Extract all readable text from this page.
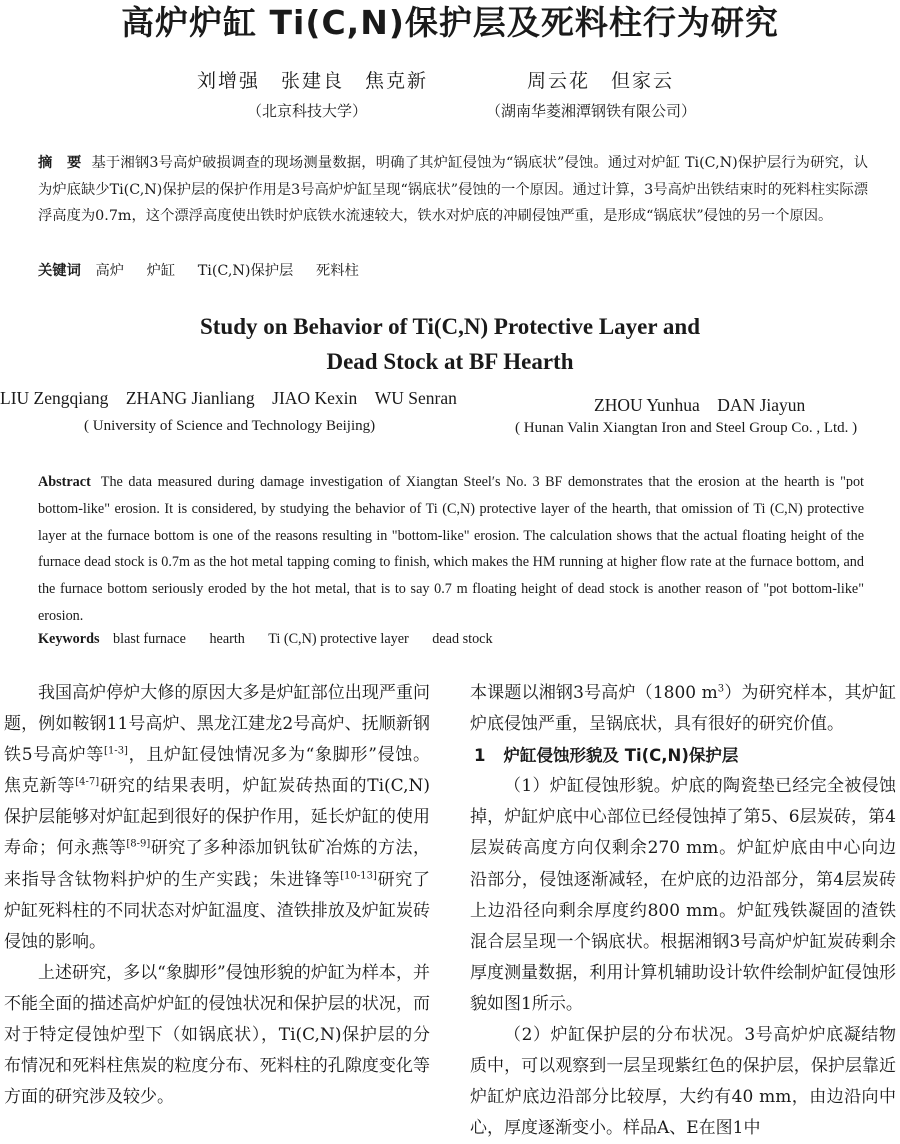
高炉炉缸 Ti(C,N)保护层及死料柱行为研究
刘增强　张建良　焦克新	周云花　但家云
（北京科技大学）	（湖南华菱湘潭钢铁有限公司）
摘　要 基于湘钢3号高炉破损调查的现场测量数据，明确了其炉缸侵蚀为“锅底状”侵蚀。通过对炉缸 Ti(C,N)保护层行为研究，认为炉底缺少Ti(C,N)保护层的保护作用是3号高炉炉缸呈现“锅底状”侵蚀的一个原因。通过计算，3号高炉出铁结束时的死料柱实际漂浮高度为0.7m，这个漂浮高度使出铁时炉底铁水流速较大，铁水对炉底的冲刷侵蚀严重，是形成“锅底状”侵蚀的另一个原因。
关键词 高炉 炉缸 Ti(C,N)保护层 死料柱
Study on Behavior of Ti(C,N) Protective Layer and
Dead Stock at BF Hearth
LIU Zengqiang　ZHANG Jianliang　JIAO Kexin　WU Senran	ZHOU Yunhua　DAN Jiayun
( University of Science and Technology Beijing)	( Hunan Valin Xiangtan Iron and Steel Group Co. , Ltd. )
Abstract The data measured during damage investigation of Xiangtan Steel′s No. 3 BF demonstrates that the erosion at the hearth is "pot bottom-like" erosion. It is considered, by studying the behavior of Ti (C,N) protective layer of the hearth, that omission of Ti (C,N) protective layer at the furnace bottom is one of the reasons resulting in "bottom-like" erosion. The calculation shows that the actual floating height of the furnace dead stock is 0.7m as the hot metal tapping coming to finish, which makes the HM running at higher flow rate at the furnace bottom, and the furnace bottom seriously eroded by the hot metal, that is to say 0.7 m floating height of dead stock is another reason of "pot bottom-like" erosion.
Keywords blast furnace hearth Ti (C,N) protective layer dead stock

我国高炉停炉大修的原因大多是炉缸部位出现严重问题，例如鞍钢11号高炉、黑龙江建龙2号高炉、抚顺新钢铁5号高炉等[1-3]，且炉缸侵蚀情况多为“象脚形”侵蚀。焦克新等[4-7]研究的结果表明，炉缸炭砖热面的Ti(C,N)保护层能够对炉缸起到很好的保护作用，延长炉缸的使用寿命；何永燕等[8-9]研究了多种添加钒钛矿冶炼的方法，来指导含钛物料护炉的生产实践；朱进锋等[10-13]研究了炉缸死料柱的不同状态对炉缸温度、渣铁排放及炉缸炭砖侵蚀的影响。

上述研究，多以“象脚形”侵蚀形貌的炉缸为样本，并不能全面的描述高炉炉缸的侵蚀状况和保护层的状况，而对于特定侵蚀炉型下（如锅底状），Ti(C,N)保护层的分布情况和死料柱焦炭的粒度分布、死料柱的孔隙度变化等方面的研究涉及较少。

本课题以湘钢3号高炉（1800 m$^3$）为研究样本，其炉缸炉底侵蚀严重，呈锅底状，具有很好的研究价值。

1 炉缸侵蚀形貌及 Ti(C,N)保护层

（1）炉缸侵蚀形貌。炉底的陶瓷垫已经完全被侵蚀掉，炉缸炉底中心部位已经侵蚀掉了第5、6层炭砖，第4层炭砖高度方向仅剩余270 mm。炉缸炉底由中心向边沿部分，侵蚀逐渐减轻，在炉底的边沿部分，第4层炭砖上边沿径向剩余厚度约800 mm。炉缸残铁凝固的渣铁混合层呈现一个锅底状。根据湘钢3号高炉炉缸炭砖剩余厚度测量数据，利用计算机辅助设计软件绘制炉缸侵蚀形貌如图1所示。

（2）炉缸保护层的分布状况。3号高炉炉底凝结物质中，可以观察到一层呈现紫红色的保护层，保护层靠近炉缸炉底边沿部分比较厚，大约有40 mm，由边沿向中心，厚度逐渐变小。样品A、E在图1中
